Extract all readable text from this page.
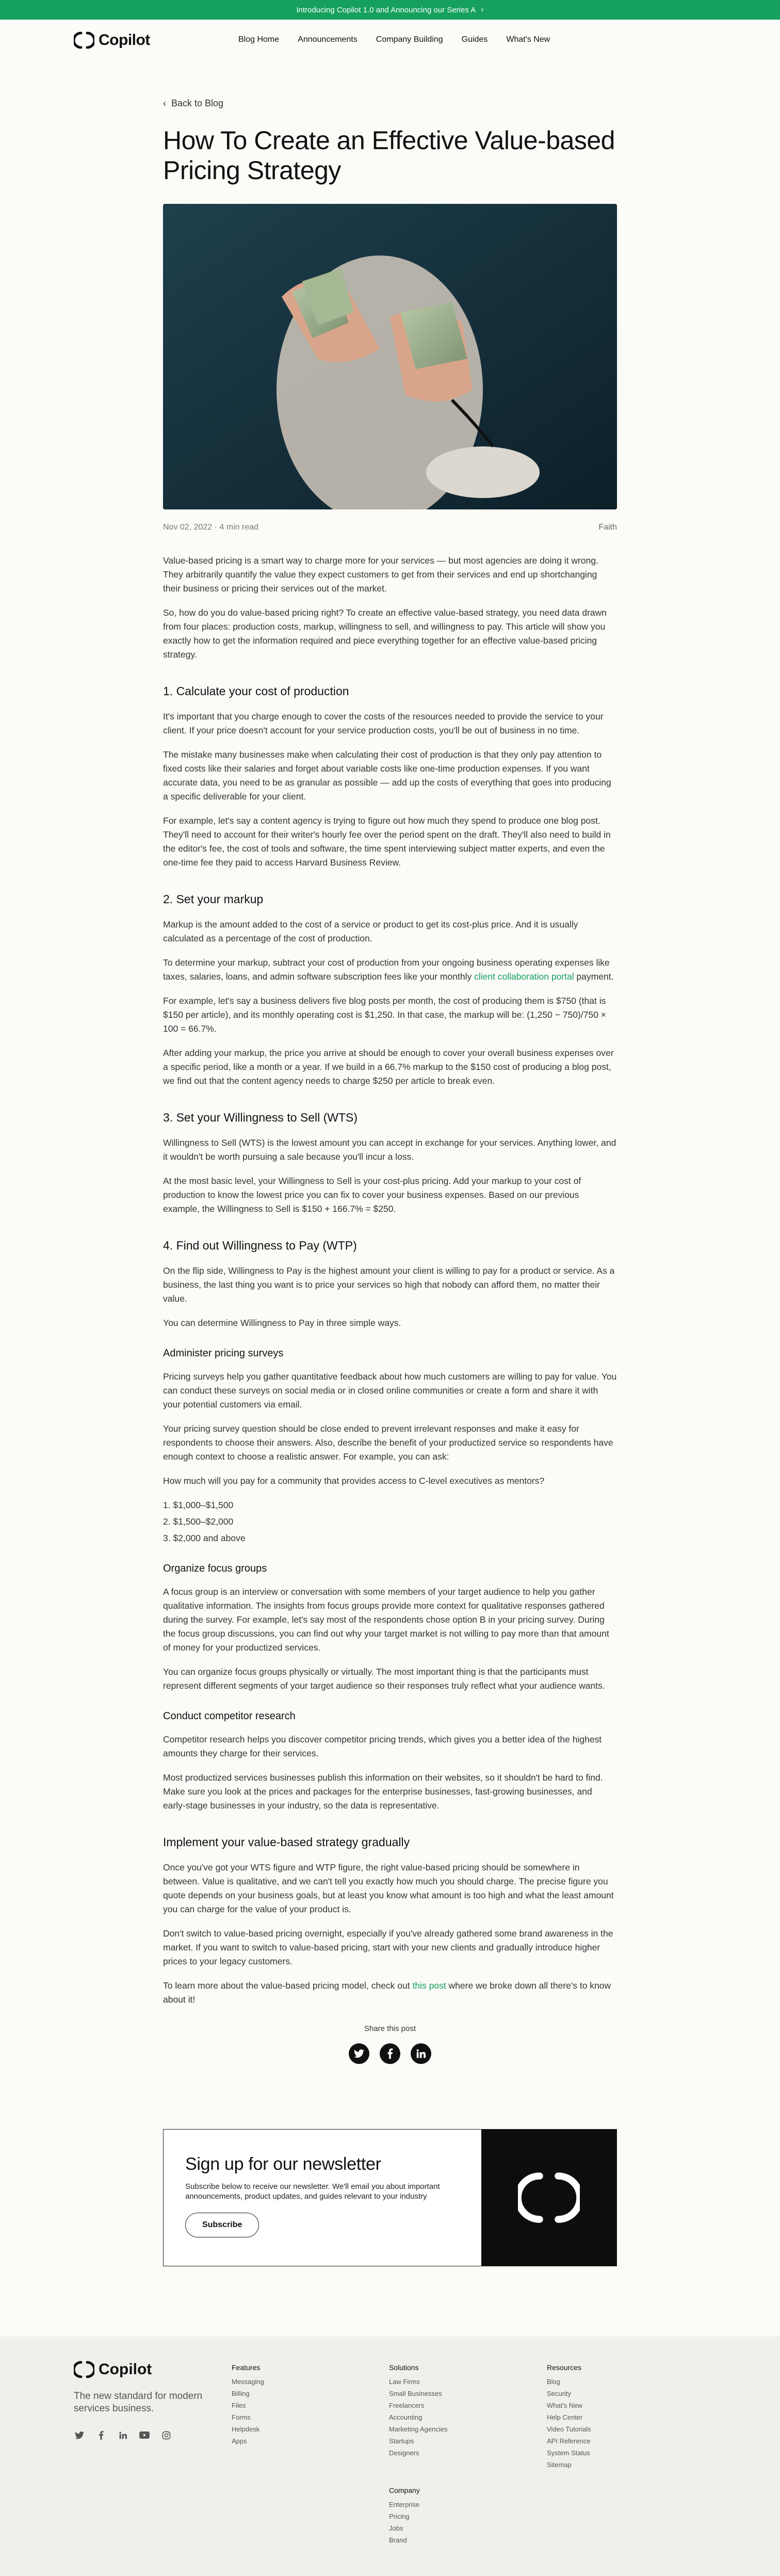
Introducing Copilot 1.0 and Announcing our Series A ›
Copilot	Blog Home Announcements Company Building Guides What's New
‹ Back to Blog
How To Create an Effective Value-based Pricing Strategy
Nov 02, 2022 · 4 min read	Faith

Value-based pricing is a smart way to charge more for your services — but most agencies are doing it wrong. They arbitrarily quantify the value they expect customers to get from their services and end up shortchanging their business or pricing their services out of the market.

So, how do you do value-based pricing right? To create an effective value-based strategy, you need data drawn from four places: production costs, markup, willingness to sell, and willingness to pay. This article will show you exactly how to get the information required and piece everything together for an effective value-based pricing strategy.

1. Calculate your cost of production

It's important that you charge enough to cover the costs of the resources needed to provide the service to your client. If your price doesn't account for your service production costs, you'll be out of business in no time.

The mistake many businesses make when calculating their cost of production is that they only pay attention to fixed costs like their salaries and forget about variable costs like one-time production expenses. If you want accurate data, you need to be as granular as possible — add up the costs of everything that goes into producing a specific deliverable for your client.

For example, let's say a content agency is trying to figure out how much they spend to produce one blog post. They'll need to account for their writer's hourly fee over the period spent on the draft. They'll also need to build in the editor's fee, the cost of tools and software, the time spent interviewing subject matter experts, and even the one-time fee they paid to access Harvard Business Review.

2. Set your markup

Markup is the amount added to the cost of a service or product to get its cost-plus price. And it is usually calculated as a percentage of the cost of production.

To determine your markup, subtract your cost of production from your ongoing business operating expenses like taxes, salaries, loans, and admin software subscription fees like your monthly client collaboration portal payment.

For example, let's say a business delivers five blog posts per month, the cost of producing them is $750 (that is $150 per article), and its monthly operating cost is $1,250. In that case, the markup will be: (1,250 − 750)/750 × 100 = 66.7%.

After adding your markup, the price you arrive at should be enough to cover your overall business expenses over a specific period, like a month or a year. If we build in a 66.7% markup to the $150 cost of producing a blog post, we find out that the content agency needs to charge $250 per article to break even.

3. Set your Willingness to Sell (WTS)

Willingness to Sell (WTS) is the lowest amount you can accept in exchange for your services. Anything lower, and it wouldn't be worth pursuing a sale because you'll incur a loss.

At the most basic level, your Willingness to Sell is your cost-plus pricing. Add your markup to your cost of production to know the lowest price you can fix to cover your business expenses. Based on our previous example, the Willingness to Sell is $150 + 166.7% = $250.

4. Find out Willingness to Pay (WTP)

On the flip side, Willingness to Pay is the highest amount your client is willing to pay for a product or service. As a business, the last thing you want is to price your services so high that nobody can afford them, no matter their value.

You can determine Willingness to Pay in three simple ways.

Administer pricing surveys

Pricing surveys help you gather quantitative feedback about how much customers are willing to pay for value. You can conduct these surveys on social media or in closed online communities or create a form and share it with your potential customers via email.

Your pricing survey question should be close ended to prevent irrelevant responses and make it easy for respondents to choose their answers. Also, describe the benefit of your productized service so respondents have enough context to choose a realistic answer. For example, you can ask:

How much will you pay for a community that provides access to C-level executives as mentors?

1. $1,000–$1,500
2. $1,500–$2,000
3. $2,000 and above
Organize focus groups

A focus group is an interview or conversation with some members of your target audience to help you gather qualitative information. The insights from focus groups provide more context for qualitative responses gathered during the survey. For example, let's say most of the respondents chose option B in your pricing survey. During the focus group discussions, you can find out why your target market is not willing to pay more than that amount of money for your productized services.

You can organize focus groups physically or virtually. The most important thing is that the participants must represent different segments of your target audience so their responses truly reflect what your audience wants.

Conduct competitor research

Competitor research helps you discover competitor pricing trends, which gives you a better idea of the highest amounts they charge for their services.

Most productized services businesses publish this information on their websites, so it shouldn't be hard to find. Make sure you look at the prices and packages for the enterprise businesses, fast-growing businesses, and early-stage businesses in your industry, so the data is representative.

Implement your value-based strategy gradually

Once you've got your WTS figure and WTP figure, the right value-based pricing should be somewhere in between. Value is qualitative, and we can't tell you exactly how much you should charge. The precise figure you quote depends on your business goals, but at least you know what amount is too high and what the least amount you can charge for the value of your product is.

Don't switch to value-based pricing overnight, especially if you've already gathered some brand awareness in the market. If you want to switch to value-based pricing, start with your new clients and gradually introduce higher prices to your legacy customers.

To learn more about the value-based pricing model, check out this post where we broke down all there's to know about it!

Share this post
Sign up for our newsletter
Subscribe below to receive our newsletter. We'll email you about important announcements, product updates, and guides relevant to your industry
Subscribe
Copilot
The new standard for modern services business.
Features
Messaging
Billing
Files
Forms
Helpdesk
Apps
Solutions
Law Firms
Small Businesses
Freelancers
Accounting
Marketing Agencies
Startups
Designers
Company
Enterprise
Pricing
Jobs
Brand
Resources
Blog
Security
What's New
Help Center
Video Tutorials
API Reference
System Status
Sitemap
